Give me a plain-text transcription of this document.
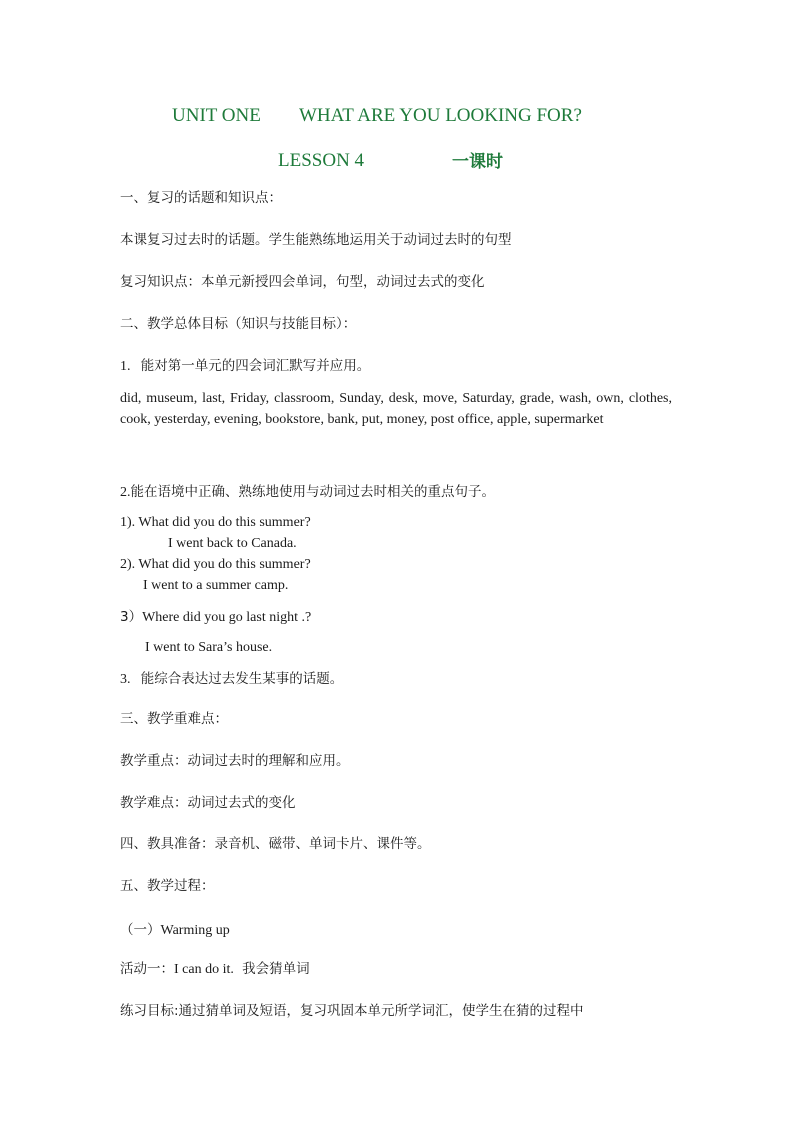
UNIT ONE WHAT ARE YOU LOOKING FOR?
LESSON 4	一课时
一、复习的话题和知识点：
本课复习过去时的话题。学生能熟练地运用关于动词过去时的句型
复习知识点：本单元新授四会单词，句型，动词过去式的变化
二、教学总体目标（知识与技能目标）：
1. 能对第一单元的四会词汇默写并应用。
did, museum, last, Friday, classroom, Sunday, desk, move, Saturday, grade, wash, own, clothes, cook, yesterday, evening, bookstore, bank, put, money, post office, apple, supermarket
2.能在语境中正确、熟练地使用与动词过去时相关的重点句子。
1). What did you do this summer?
I went back to Canada.
2). What did you do this summer?
I went to a summer camp.
3）Where did you go last night .?
I went to Sara’s house.
3. 能综合表达过去发生某事的话题。
三、教学重难点：
教学重点：动词过去时的理解和应用。
教学难点：动词过去式的变化
四、教具准备：录音机、磁带、单词卡片、课件等。
五、教学过程：
（一）Warming up
活动一：I can do it. 我会猜单词
练习目标:通过猜单词及短语，复习巩固本单元所学词汇，使学生在猜的过程中
